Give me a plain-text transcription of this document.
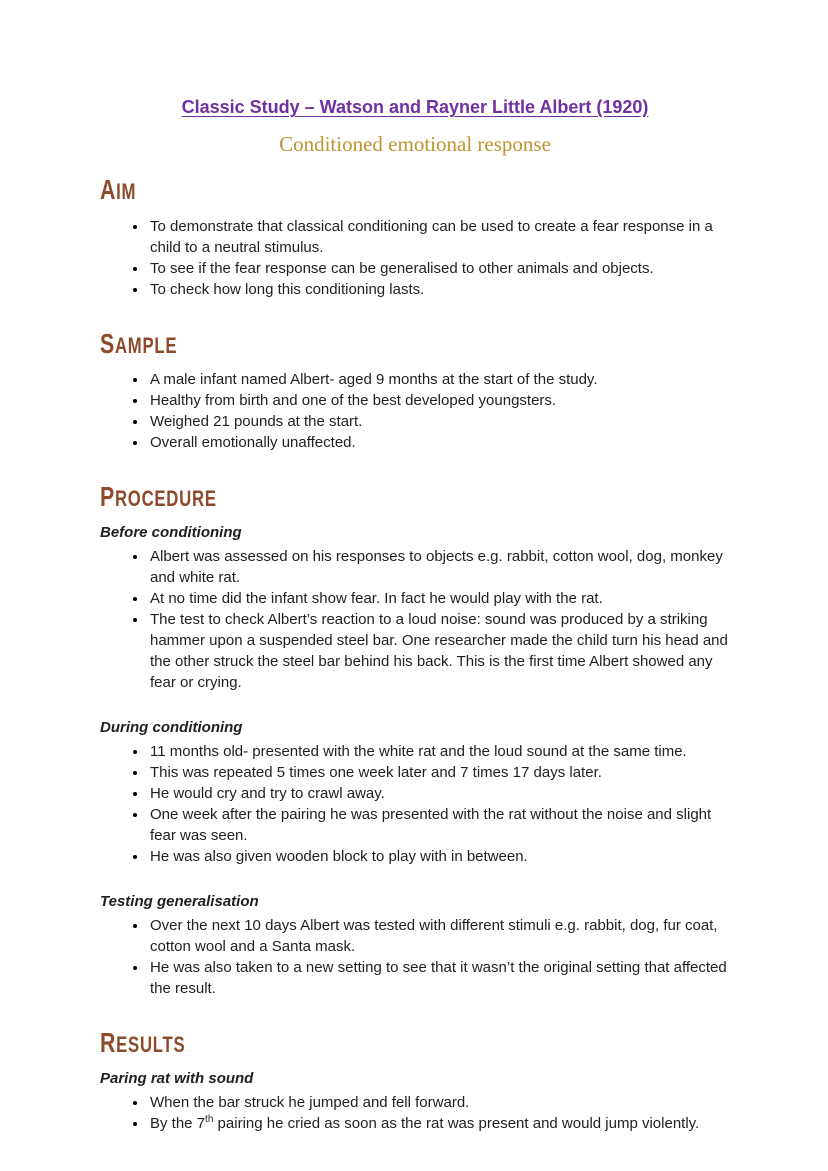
Classic Study – Watson and Rayner Little Albert (1920)
Conditioned emotional response
AIM
• To demonstrate that classical conditioning can be used to create a fear response in a child to a neutral stimulus.
• To see if the fear response can be generalised to other animals and objects.
• To check how long this conditioning lasts.
SAMPLE
• A male infant named Albert- aged 9 months at the start of the study.
• Healthy from birth and one of the best developed youngsters.
• Weighed 21 pounds at the start.
• Overall emotionally unaffected.
PROCEDURE
Before conditioning
• Albert was assessed on his responses to objects e.g. rabbit, cotton wool, dog, monkey and white rat.
• At no time did the infant show fear. In fact he would play with the rat.
• The test to check Albert’s reaction to a loud noise: sound was produced by a striking hammer upon a suspended steel bar. One researcher made the child turn his head and the other struck the steel bar behind his back. This is the first time Albert showed any fear or crying.
During conditioning
• 11 months old- presented with the white rat and the loud sound at the same time.
• This was repeated 5 times one week later and 7 times 17 days later.
• He would cry and try to crawl away.
• One week after the pairing he was presented with the rat without the noise and slight fear was seen.
• He was also given wooden block to play with in between.
Testing generalisation
• Over the next 10 days Albert was tested with different stimuli e.g. rabbit, dog, fur coat, cotton wool and a Santa mask.
• He was also taken to a new setting to see that it wasn’t the original setting that affected the result.
RESULTS
Paring rat with sound
• When the bar struck he jumped and fell forward.
• By the 7th pairing he cried as soon as the rat was present and would jump violently.
